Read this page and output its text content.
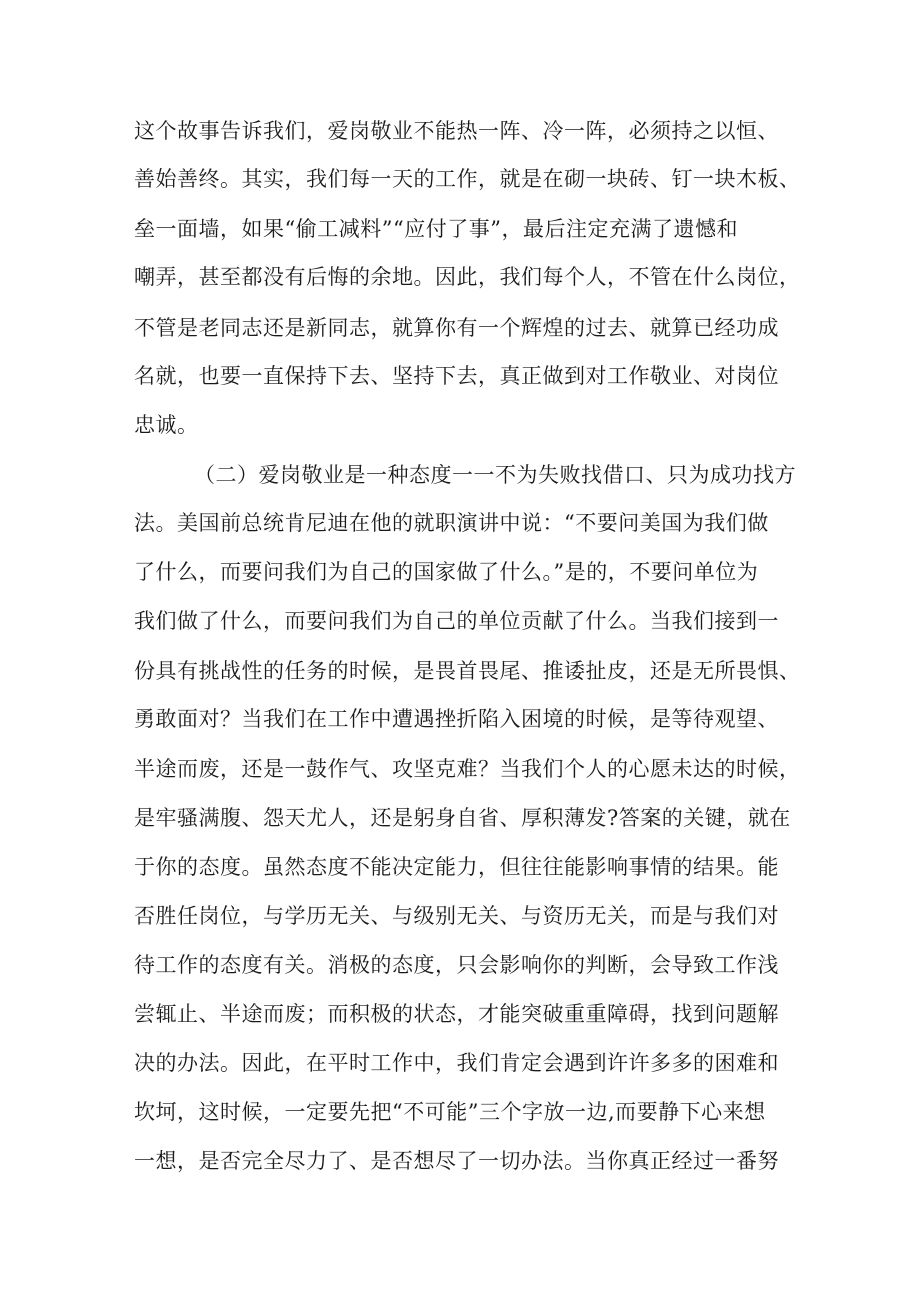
这个故事告诉我们，爱岗敬业不能热一阵、冷一阵，必须持之以恒、
善始善终。其实，我们每一天的工作，就是在砌一块砖、钉一块木板、
垒一面墙，如果“偷工减料”“应付了事”，最后注定充满了遗憾和
嘲弄，甚至都没有后悔的余地。因此，我们每个人，不管在什么岗位，
不管是老同志还是新同志，就算你有一个辉煌的过去、就算已经功成
名就，也要一直保持下去、坚持下去，真正做到对工作敬业、对岗位
忠诚。
（二）爱岗敬业是一种态度一一不为失败找借口、只为成功找方
法。美国前总统肯尼迪在他的就职演讲中说：“不要问美国为我们做
了什么，而要问我们为自己的国家做了什么。”是的，不要问单位为
我们做了什么，而要问我们为自己的单位贡献了什么。当我们接到一
份具有挑战性的任务的时候，是畏首畏尾、推诿扯皮，还是无所畏惧、
勇敢面对？当我们在工作中遭遇挫折陷入困境的时候，是等待观望、
半途而废，还是一鼓作气、攻坚克难？当我们个人的心愿未达的时候，
是牢骚满腹、怨天尤人，还是躬身自省、厚积薄发?答案的关键，就在
于你的态度。虽然态度不能决定能力，但往往能影响事情的结果。能
否胜任岗位，与学历无关、与级别无关、与资历无关，而是与我们对
待工作的态度有关。消极的态度，只会影响你的判断，会导致工作浅
尝辄止、半途而废；而积极的状态，才能突破重重障碍，找到问题解
决的办法。因此，在平时工作中，我们肯定会遇到许许多多的困难和
坎坷，这时候，一定要先把“不可能”三个字放一边,而要静下心来想
一想，是否完全尽力了、是否想尽了一切办法。当你真正经过一番努
